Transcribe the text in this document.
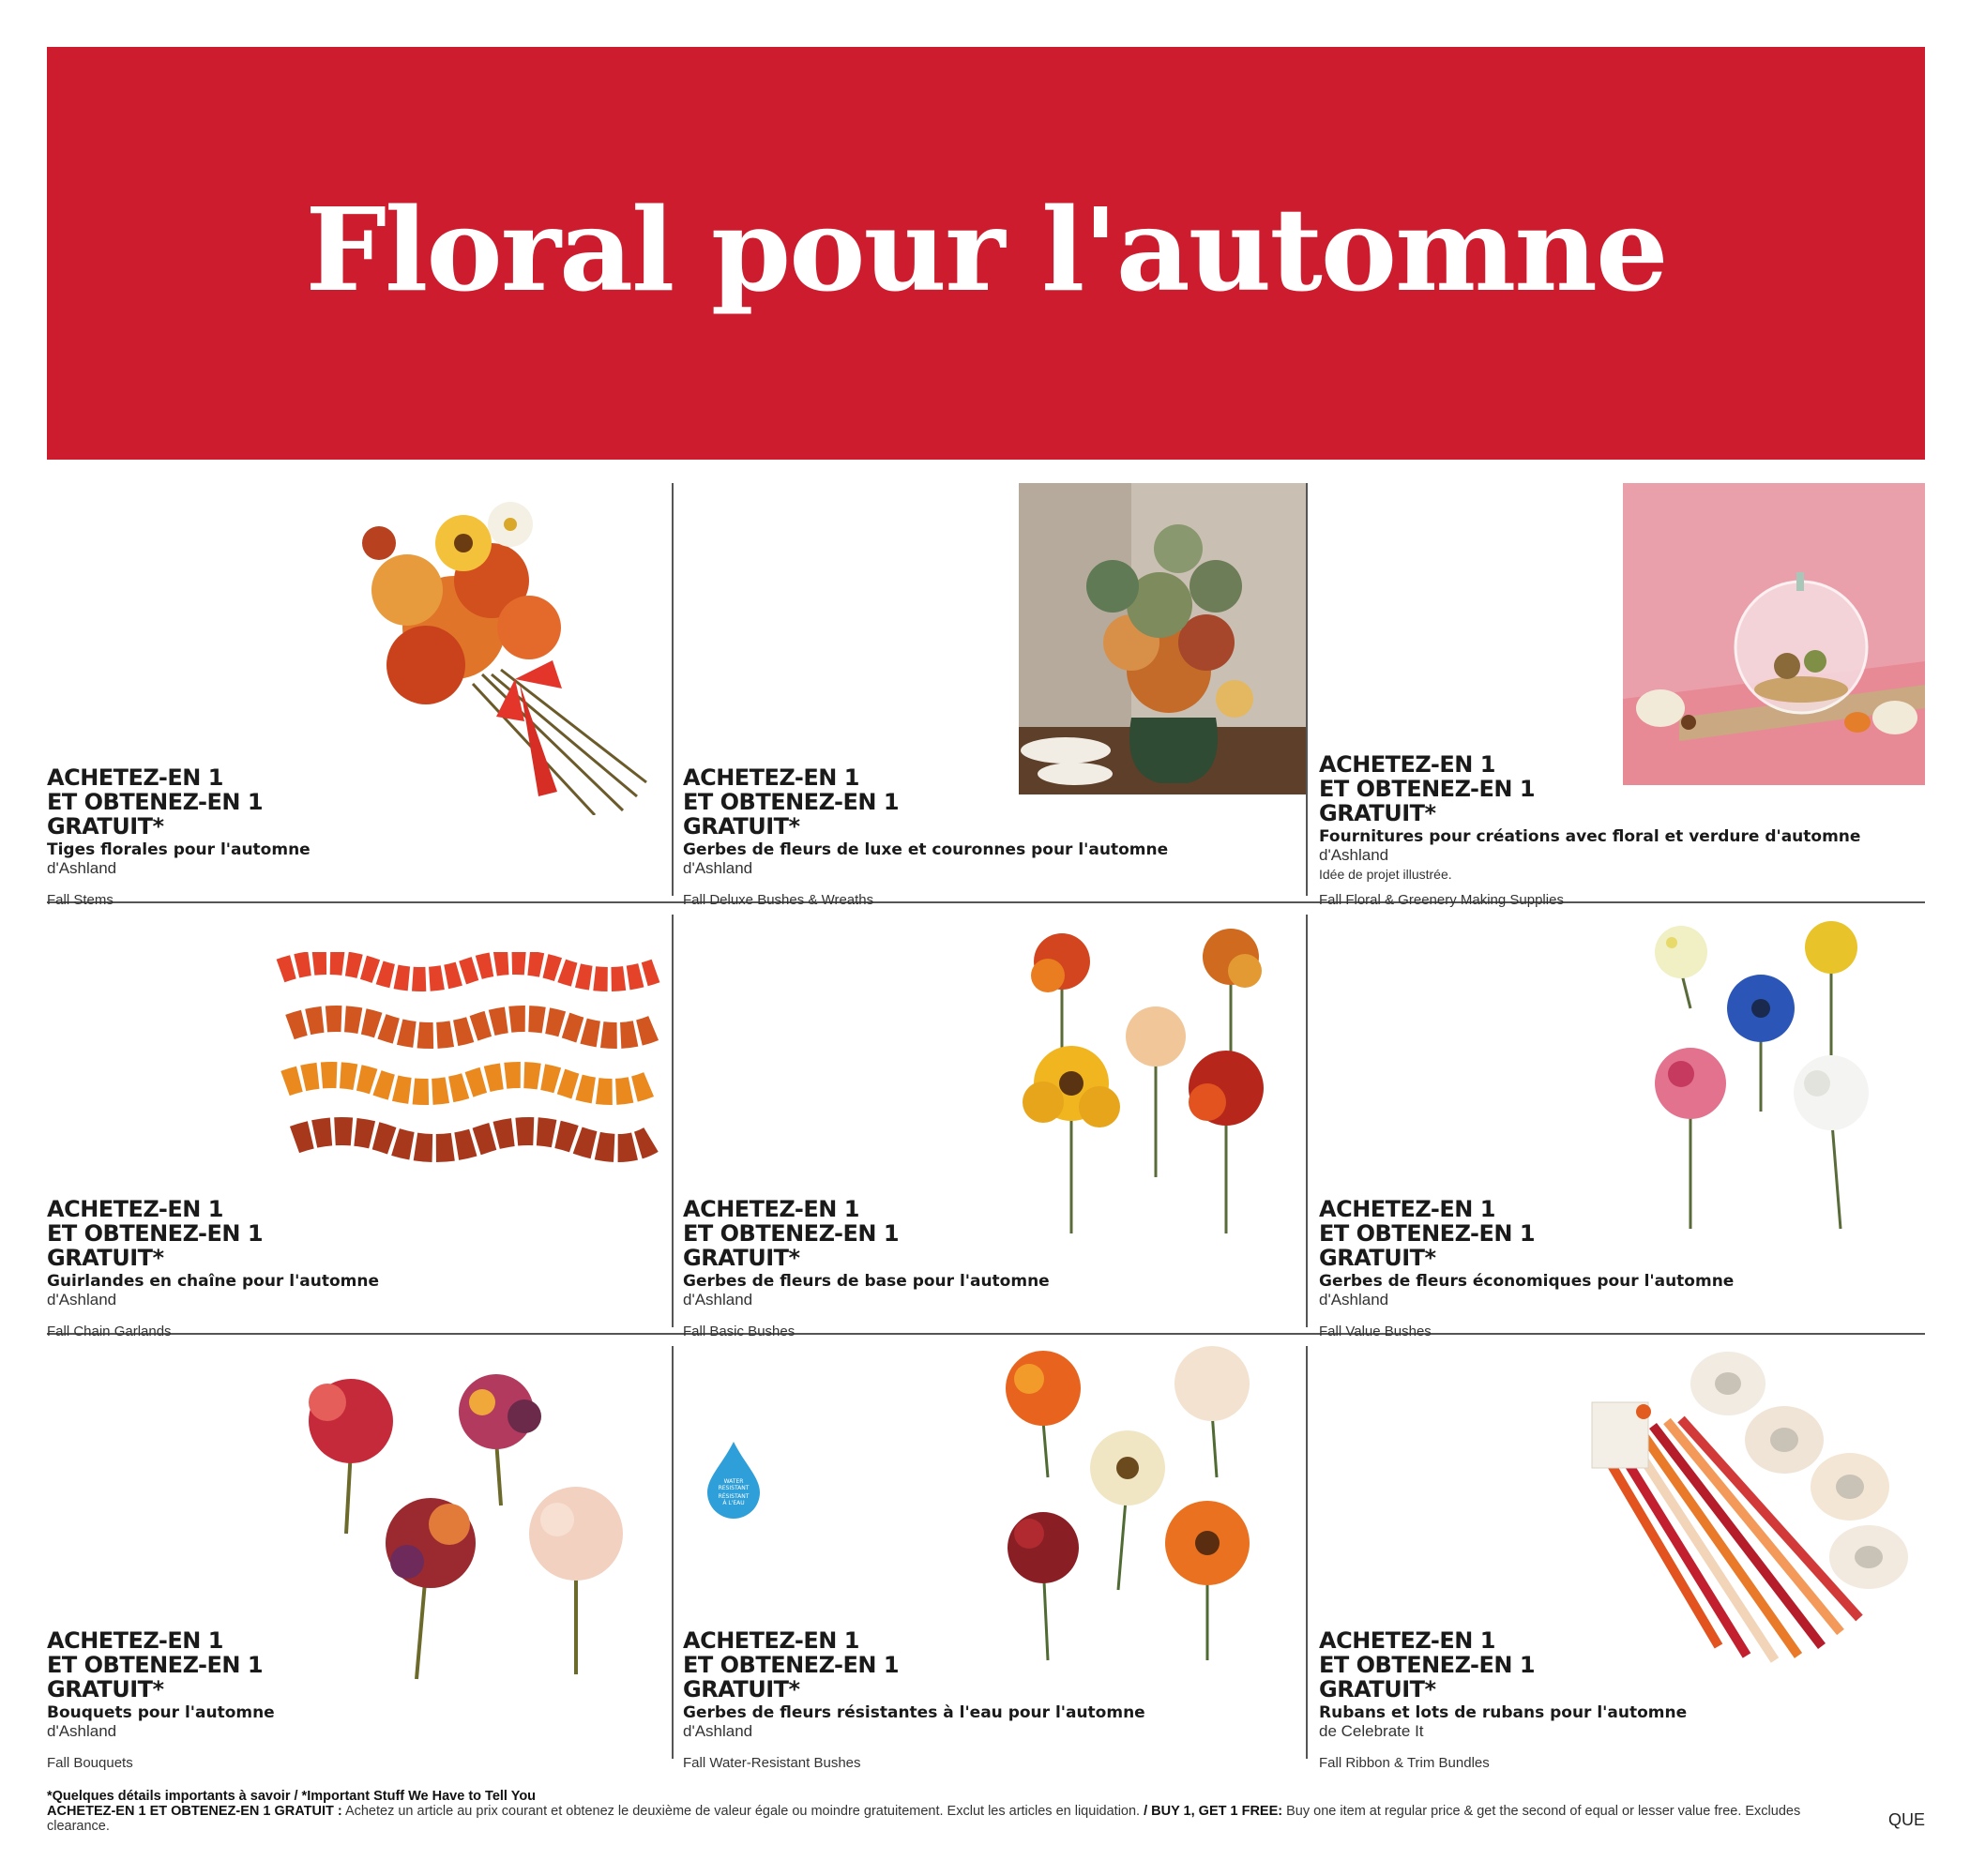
Floral pour l'automne
ACHETEZ-EN 1
ET OBTENEZ-EN 1
GRATUIT*
Tiges florales pour l'automne
d'Ashland
Fall Stems
ACHETEZ-EN 1
ET OBTENEZ-EN 1
GRATUIT*
Gerbes de fleurs de luxe et couronnes pour l'automne
d'Ashland
Fall Deluxe Bushes & Wreaths
ACHETEZ-EN 1
ET OBTENEZ-EN 1
GRATUIT*
Fournitures pour créations avec floral et verdure d'automne
d'Ashland
Idée de projet illustrée.
Fall Floral & Greenery Making Supplies
ACHETEZ-EN 1
ET OBTENEZ-EN 1
GRATUIT*
Guirlandes en chaîne pour l'automne
d'Ashland
Fall Chain Garlands
ACHETEZ-EN 1
ET OBTENEZ-EN 1
GRATUIT*
Gerbes de fleurs de base pour l'automne
d'Ashland
Fall Basic Bushes
ACHETEZ-EN 1
ET OBTENEZ-EN 1
GRATUIT*
Gerbes de fleurs économiques pour l'automne
d'Ashland
Fall Value Bushes
ACHETEZ-EN 1
ET OBTENEZ-EN 1
GRATUIT*
Bouquets pour l'automne
d'Ashland
Fall Bouquets
WATER
RESISTANT
RÉSISTANT
À L'EAU
ACHETEZ-EN 1
ET OBTENEZ-EN 1
GRATUIT*
Gerbes de fleurs résistantes à l'eau pour l'automne
d'Ashland
Fall Water-Resistant Bushes
ACHETEZ-EN 1
ET OBTENEZ-EN 1
GRATUIT*
Rubans et lots de rubans pour l'automne
de Celebrate It
Fall Ribbon & Trim Bundles
*Quelques détails importants à savoir / *Important Stuff We Have to Tell You
ACHETEZ-EN 1 ET OBTENEZ-EN 1 GRATUIT : Achetez un article au prix courant et obtenez le deuxième de valeur égale ou moindre gratuitement. Exclut les articles en liquidation. / BUY 1, GET 1 FREE: Buy one item at regular price & get the second of equal or lesser value free. Excludes clearance.	QUE
